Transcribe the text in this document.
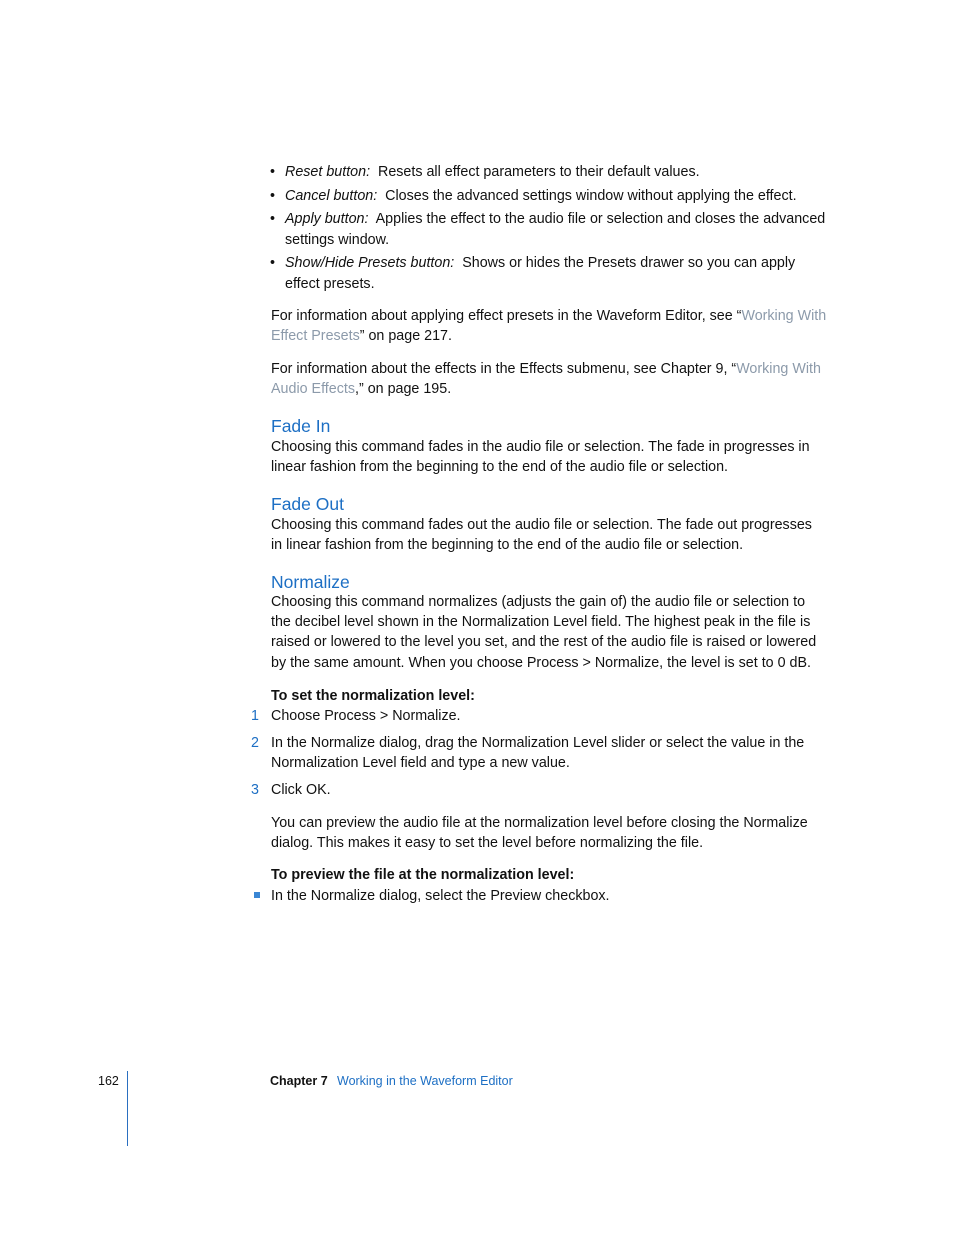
• Reset button: Resets all effect parameters to their default values.
• Cancel button: Closes the advanced settings window without applying the effect.
• Apply button: Applies the effect to the audio file or selection and closes the advanced settings window.
• Show/Hide Presets button: Shows or hides the Presets drawer so you can apply effect presets.

For information about applying effect presets in the Waveform Editor, see “Working With Effect Presets” on page 217.

For information about the effects in the Effects submenu, see Chapter 9, “Working With Audio Effects,” on page 195.

Fade In

Choosing this command fades in the audio file or selection. The fade in progresses in linear fashion from the beginning to the end of the audio file or selection.

Fade Out

Choosing this command fades out the audio file or selection. The fade out progresses in linear fashion from the beginning to the end of the audio file or selection.

Normalize

Choosing this command normalizes (adjusts the gain of) the audio file or selection to the decibel level shown in the Normalization Level field. The highest peak in the file is raised or lowered to the level you set, and the rest of the audio file is raised or lowered by the same amount. When you choose Process > Normalize, the level is set to 0 dB.

To set the normalization level:

1 Choose Process > Normalize.

2 In the Normalize dialog, drag the Normalization Level slider or select the value in the Normalization Level field and type a new value.

3 Click OK.

You can preview the audio file at the normalization level before closing the Normalize dialog. This makes it easy to set the level before normalizing the file.

To preview the file at the normalization level:

In the Normalize dialog, select the Preview checkbox.

162	Chapter 7 Working in the Waveform Editor
